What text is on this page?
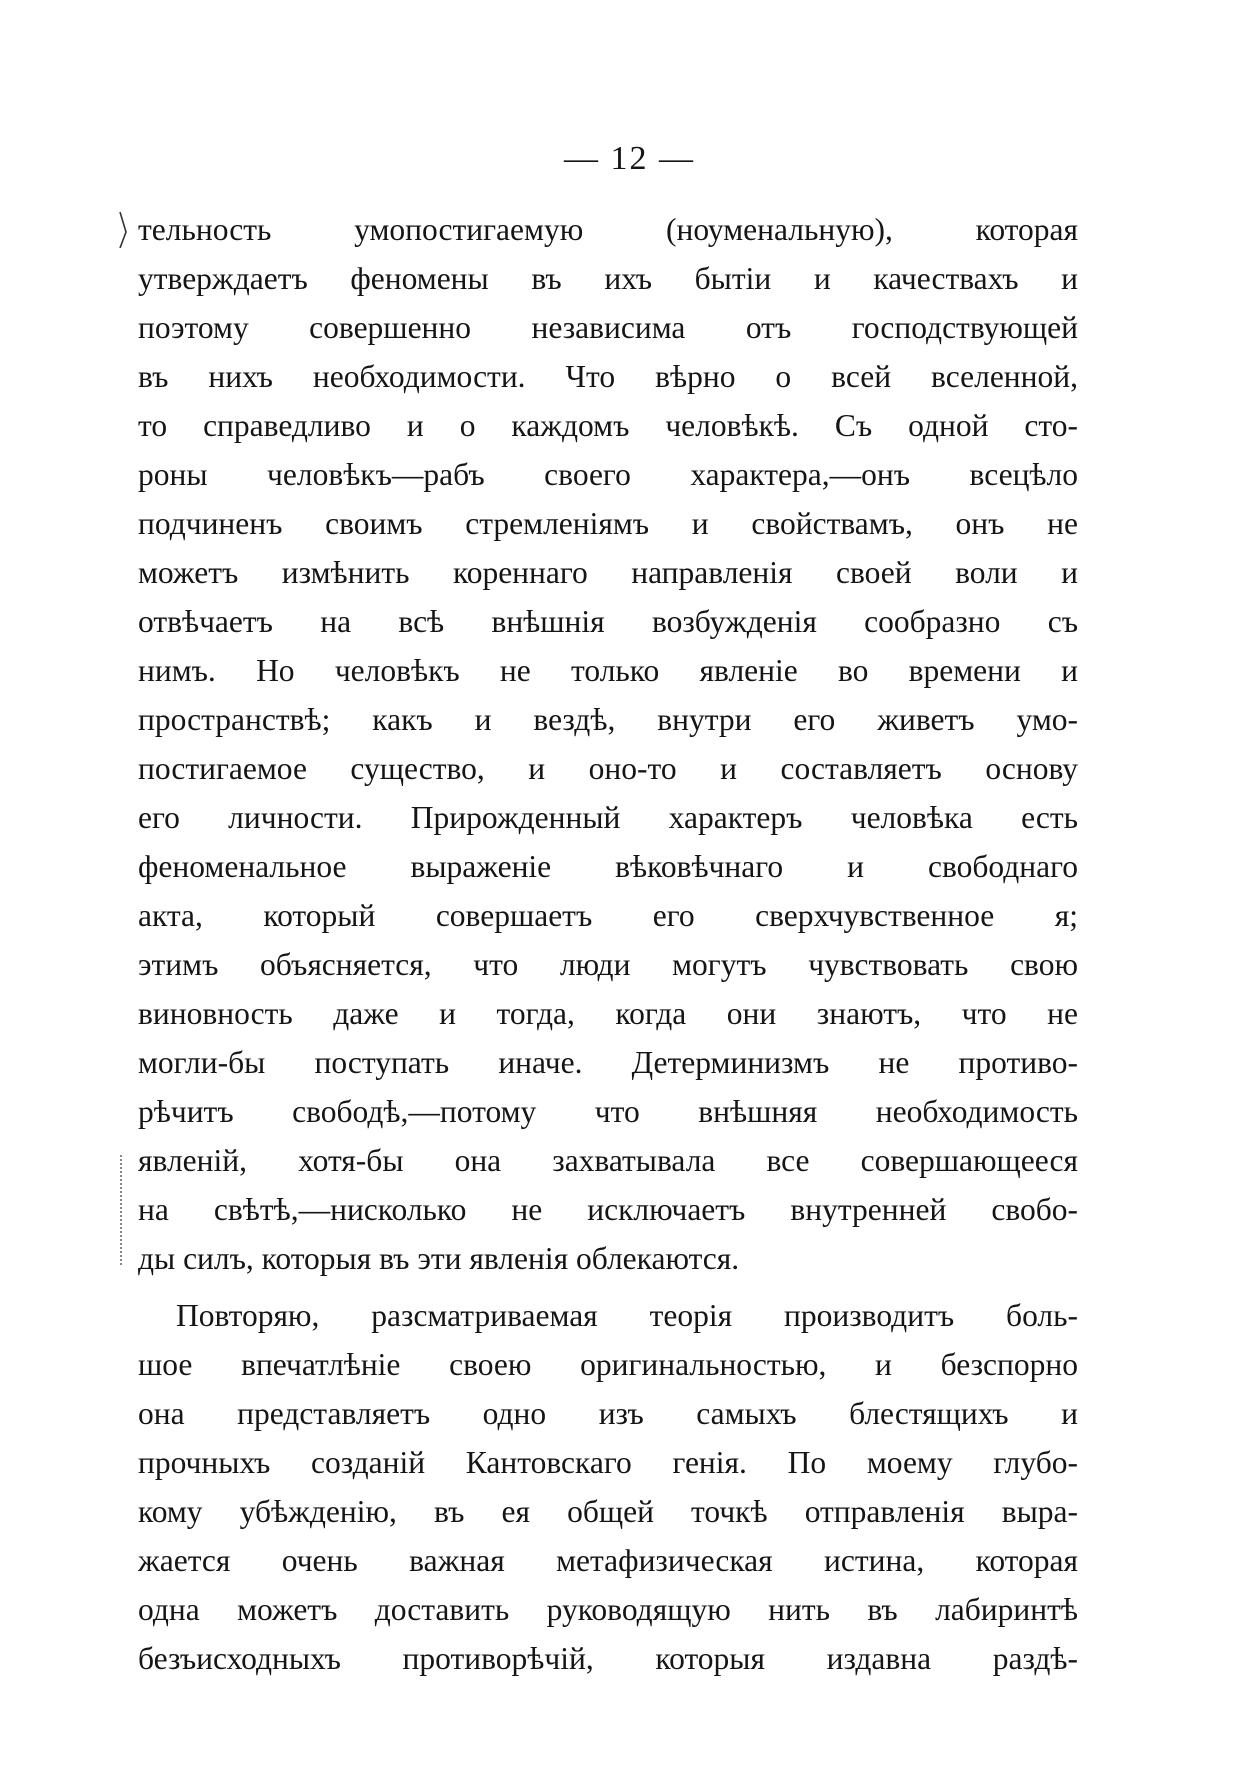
— 12 —
тельность умопостигаемую (ноуменальную), которая
утверждаетъ феномены въ ихъ бытіи и качествахъ и
поэтому совершенно независима отъ господствующей
въ нихъ необходимости. Что вѣрно о всей вселенной,
то справедливо и о каждомъ человѣкѣ. Съ одной сто-
роны человѣкъ—рабъ своего характера,—онъ всецѣло
подчиненъ своимъ стремленіямъ и свойствамъ, онъ не
можетъ измѣнить кореннаго направленія своей воли и
отвѣчаетъ на всѣ внѣшнія возбужденія сообразно съ
нимъ. Но человѣкъ не только явленіе во времени и
пространствѣ; какъ и вездѣ, внутри его живетъ умо-
постигаемое существо, и оно-то и составляетъ основу
его личности. Прирожденный характеръ человѣка есть
феноменальное выраженіе вѣковѣчнаго и свободнаго
акта, который совершаетъ его сверхчувственное я;
этимъ объясняется, что люди могутъ чувствовать свою
виновность даже и тогда, когда они знаютъ, что не
могли-бы поступать иначе. Детерминизмъ не противо-
рѣчитъ свободѣ,—потому что внѣшняя необходимость
явленій, хотя-бы она захватывала все совершающееся
на свѣтѣ,—нисколько не исключаетъ внутренней свобо-
ды силъ, которыя въ эти явленія облекаются.
Повторяю, разсматриваемая теорія производитъ боль-
шое впечатлѣніе своею оригинальностью, и безспорно
она представляетъ одно изъ самыхъ блестящихъ и
прочныхъ созданій Кантовскаго генія. По моему глубо-
кому убѣжденію, въ ея общей точкѣ отправленія выра-
жается очень важная метафизическая истина, которая
одна можетъ доставить руководящую нить въ лабиринтѣ
безъисходныхъ противорѣчій, которыя издавна раздѣ-
